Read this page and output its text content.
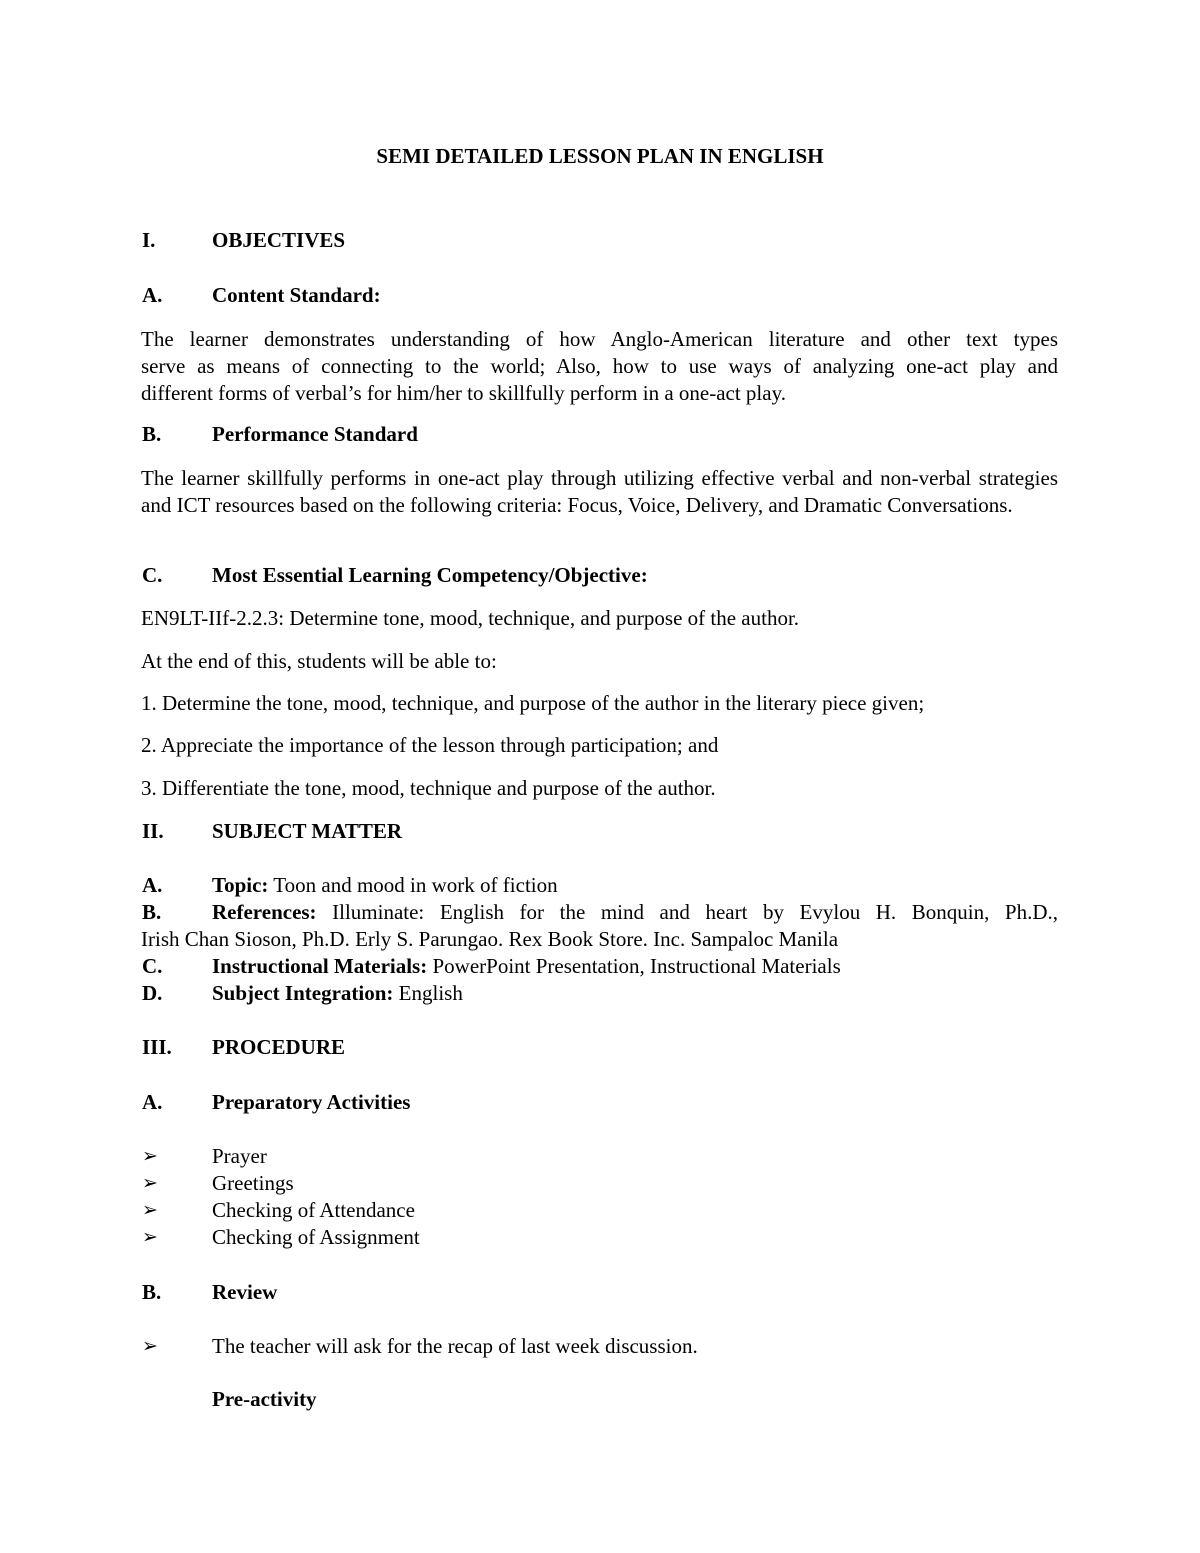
SEMI DETAILED LESSON PLAN IN ENGLISH
I.	OBJECTIVES
A. Content Standard:
The learner demonstrates understanding of how Anglo-American literature and other text types
serve as means of connecting to the world; Also, how to use ways of analyzing one-act play and
different forms of verbal’s for him/her to skillfully perform in a one-act play.
B. Performance Standard
The learner skillfully performs in one-act play through utilizing effective verbal and non-verbal strategies and ICT resources based on the following criteria: Focus, Voice, Delivery, and Dramatic Conversations.
C. Most Essential Learning Competency/Objective:
EN9LT-IIf-2.2.3: Determine tone, mood, technique, and purpose of the author.
At the end of this, students will be able to:
1. Determine the tone, mood, technique, and purpose of the author in the literary piece given;
2. Appreciate the importance of the lesson through participation; and
3. Differentiate the tone, mood, technique and purpose of the author.
II. SUBJECT MATTER
A. Topic: Toon and mood in work of fiction
B. References: Illuminate: English for the mind and heart by Evylou H. Bonquin, Ph.D.,
Irish Chan Sioson, Ph.D. Erly S. Parungao. Rex Book Store. Inc. Sampaloc Manila
C. Instructional Materials: PowerPoint Presentation, Instructional Materials
D. Subject Integration: English
III. PROCEDURE
A. Preparatory Activities
➢	Prayer
➢	Greetings
➢	Checking of Attendance
➢	Checking of Assignment
B. Review
➢	The teacher will ask for the recap of last week discussion.
Pre-activity
